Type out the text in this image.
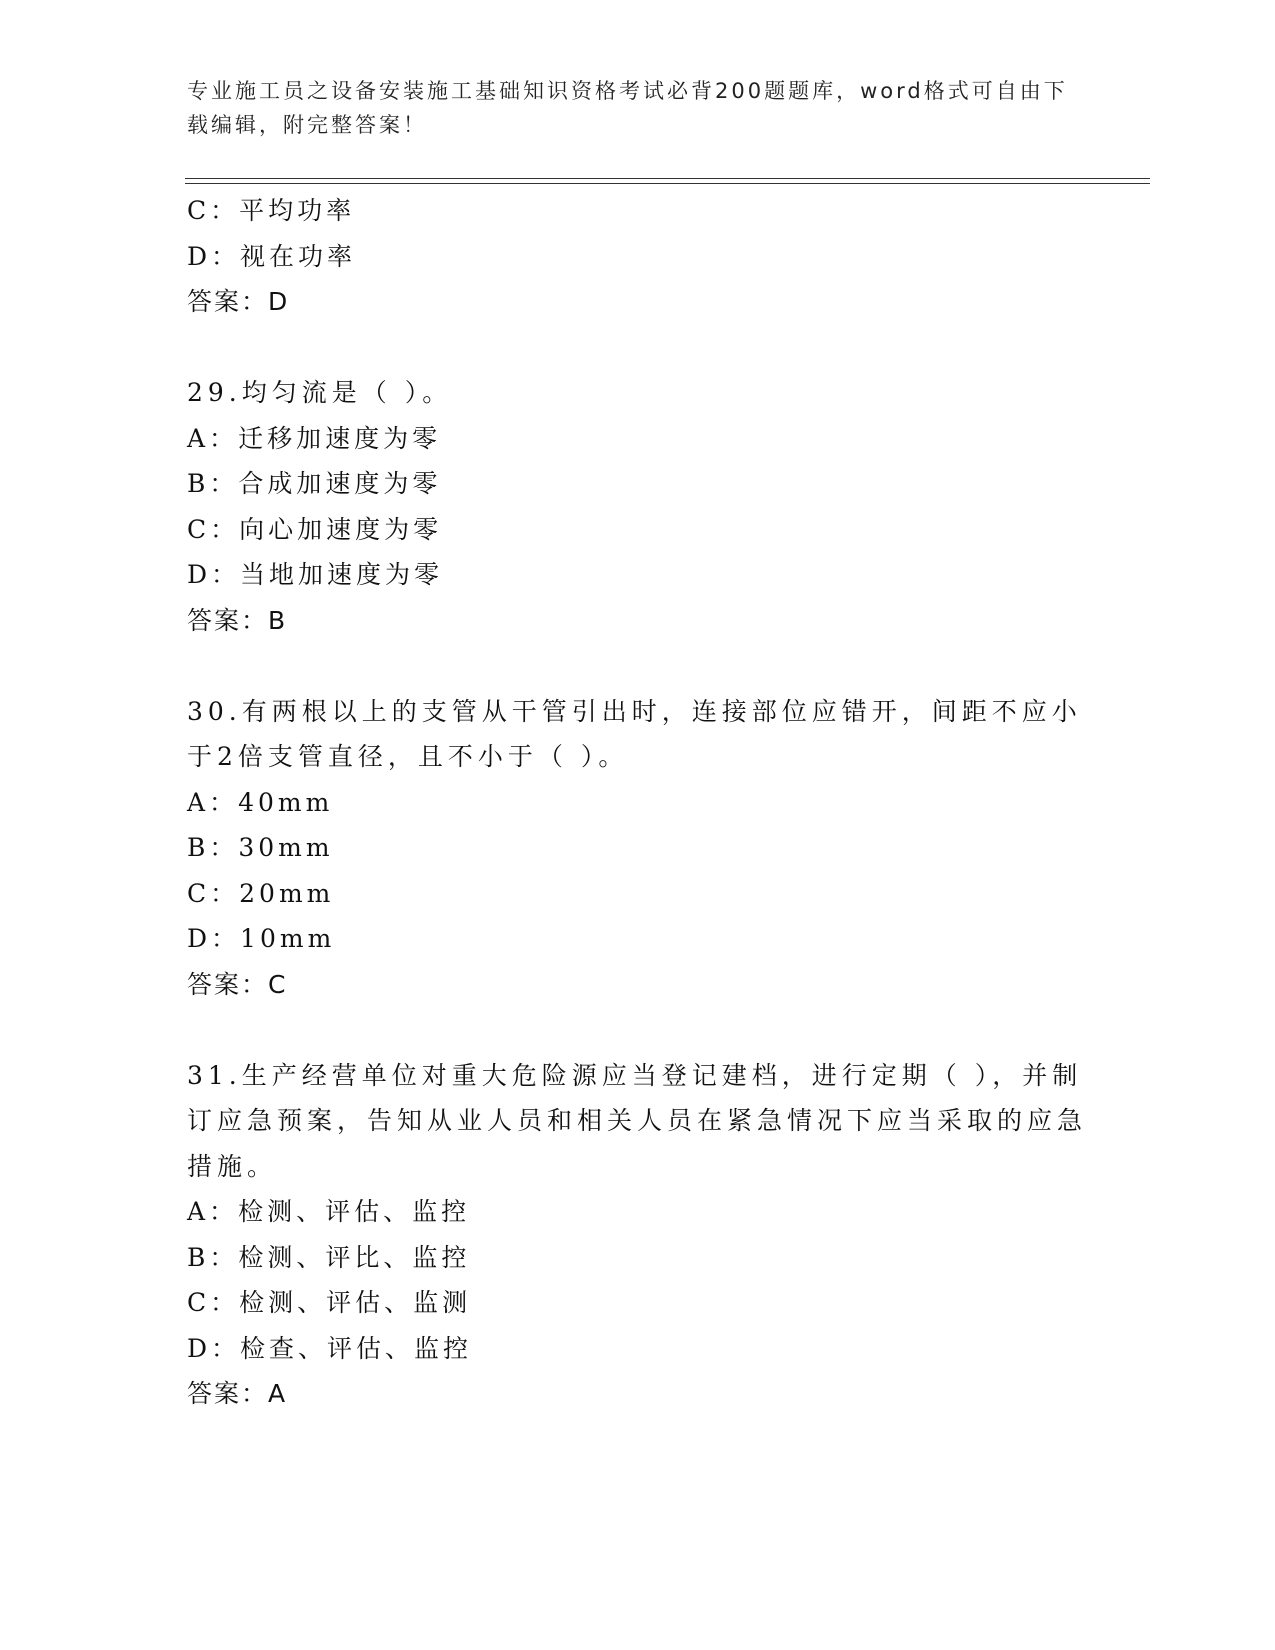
专业施工员之设备安装施工基础知识资格考试必背200题题库，word格式可自由下载编辑，附完整答案！
C：平均功率
D：视在功率
答案：D
29.均匀流是（ ）。
A：迁移加速度为零
B：合成加速度为零
C：向心加速度为零
D：当地加速度为零
答案：B
30.有两根以上的支管从干管引出时，连接部位应错开，间距不应小于2倍支管直径，且不小于（ ）。
A：40mm
B：30mm
C：20mm
D：10mm
答案：C
31.生产经营单位对重大危险源应当登记建档，进行定期（ ），并制订应急预案，告知从业人员和相关人员在紧急情况下应当采取的应急措施。
A：检测、评估、监控
B：检测、评比、监控
C：检测、评估、监测
D：检查、评估、监控
答案：A
